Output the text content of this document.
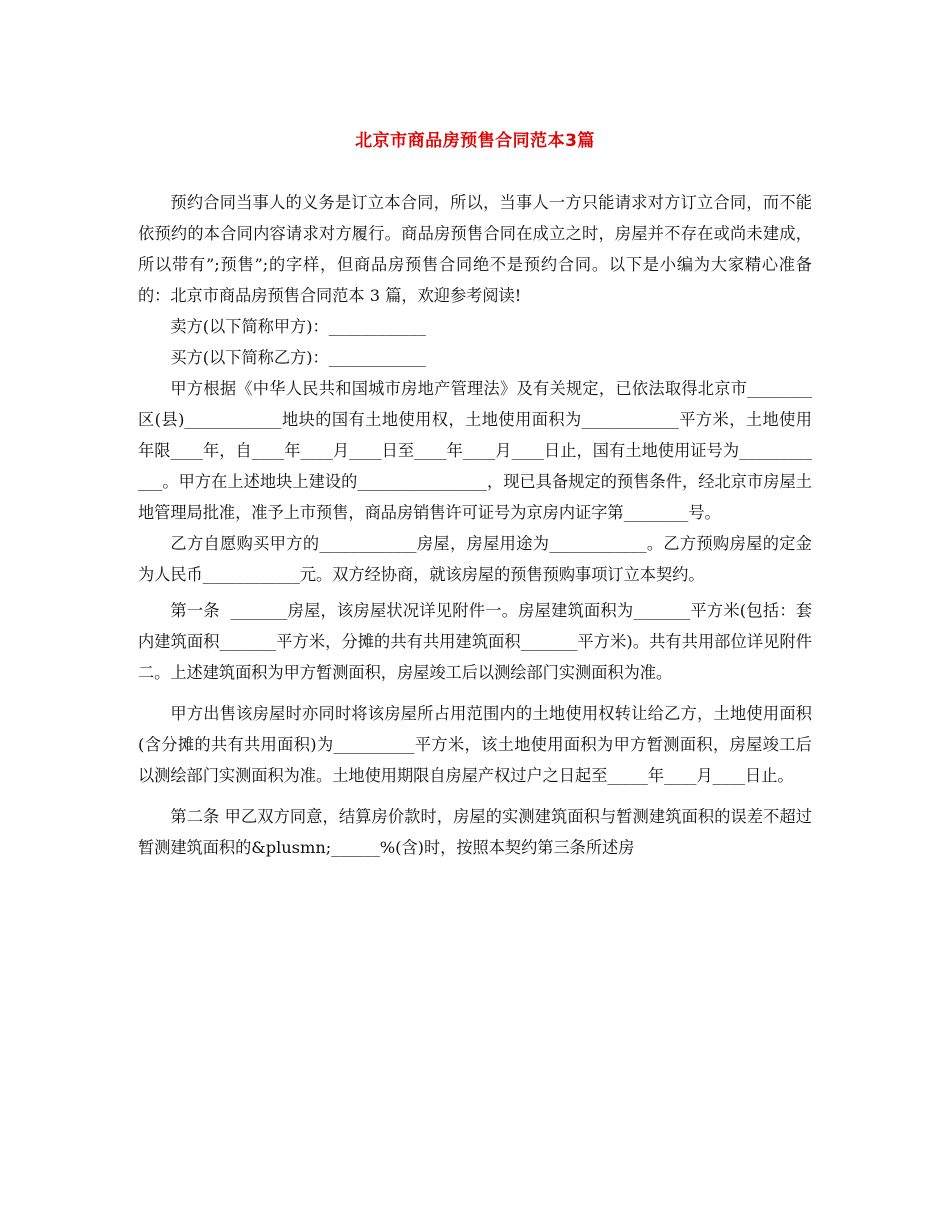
北京市商品房预售合同范本3篇

预约合同当事人的义务是订立本合同，所以，当事人一方只能请求对方订立合同，而不能依预约的本合同内容请求对方履行。商品房预售合同在成立之时，房屋并不存在或尚未建成，所以带有”;预售”;的字样，但商品房预售合同绝不是预约合同。以下是小编为大家精心准备的：北京市商品房预售合同范本 3 篇，欢迎参考阅读!

卖方(以下简称甲方)：____________

买方(以下简称乙方)：____________

甲方根据《中华人民共和国城市房地产管理法》及有关规定，已依法取得北京市________区(县)____________地块的国有土地使用权，土地使用面积为____________平方米，土地使用年限____年，自____年____月____日至____年____月____日止，国有土地使用证号为____________。甲方在上述地块上建设的________________，现已具备规定的预售条件，经北京市房屋土地管理局批准，准予上市预售，商品房销售许可证号为京房内证字第________号。

乙方自愿购买甲方的____________房屋，房屋用途为____________。乙方预购房屋的定金为人民币____________元。双方经协商，就该房屋的预售预购事项订立本契约。

第一条  _______房屋，该房屋状况详见附件一。房屋建筑面积为_______平方米(包括：套内建筑面积_______平方米，分摊的共有共用建筑面积_______平方米)。共有共用部位详见附件二。上述建筑面积为甲方暂测面积，房屋竣工后以测绘部门实测面积为准。

甲方出售该房屋时亦同时将该房屋所占用范围内的土地使用权转让给乙方，土地使用面积(含分摊的共有共用面积)为__________平方米，该土地使用面积为甲方暂测面积，房屋竣工后以测绘部门实测面积为准。土地使用期限自房屋产权过户之日起至_____年____月____日止。

第二条 甲乙双方同意，结算房价款时，房屋的实测建筑面积与暂测建筑面积的误差不超过暂测建筑面积的&plusmn;______%(含)时，按照本契约第三条所述房
